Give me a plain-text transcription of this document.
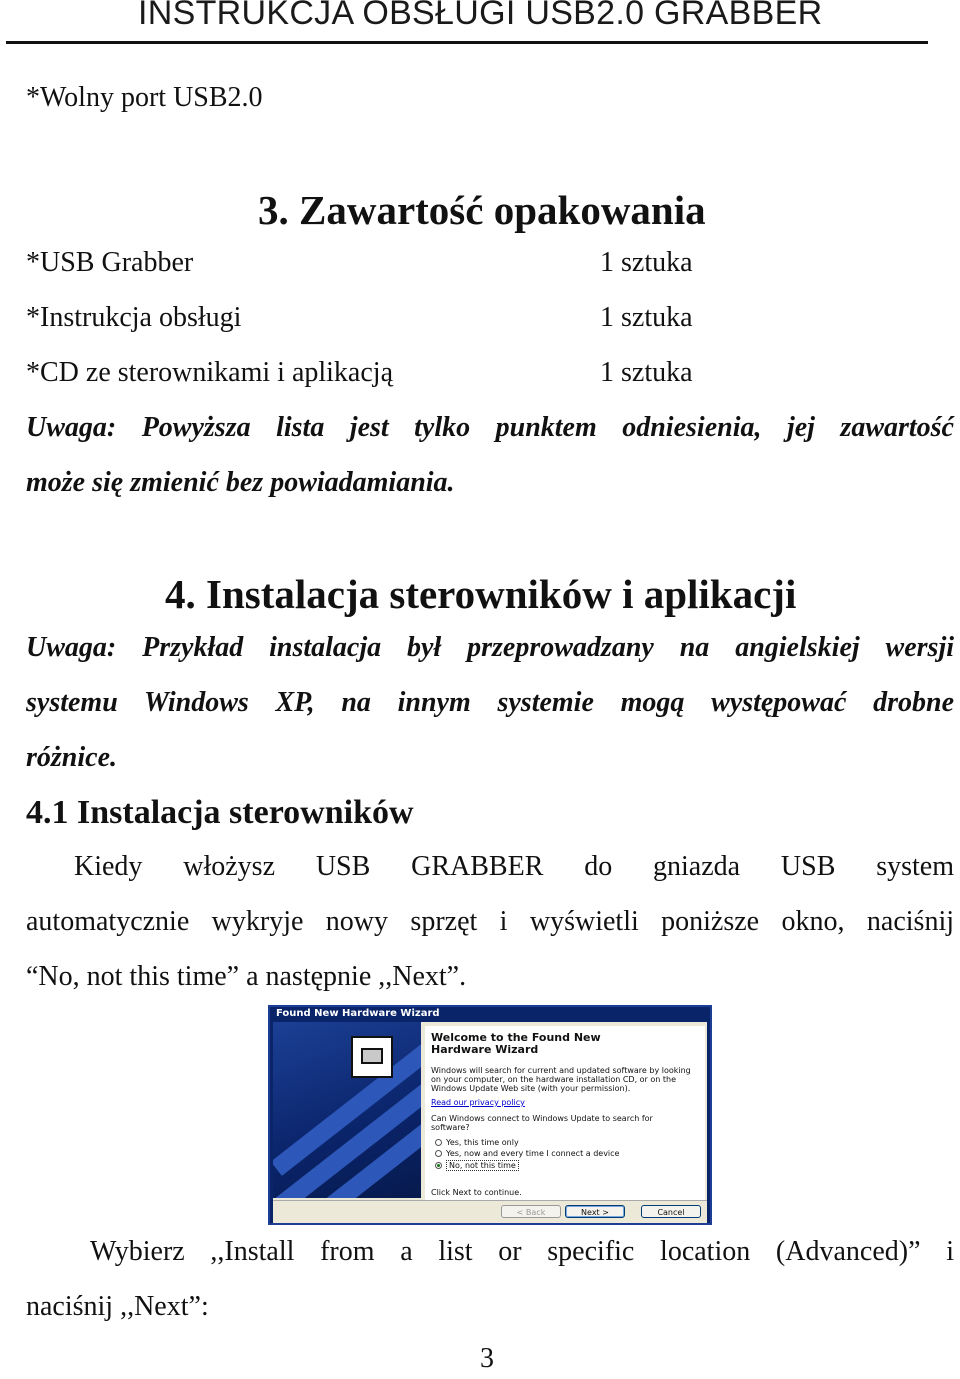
INSTRUKCJA OBSŁUGI USB2.0 GRABBER
*Wolny port USB2.0
3. Zawartość opakowania
*USB Grabber	1 sztuka
*Instrukcja obsługi	1 sztuka
*CD ze sterownikami i aplikacją	1 sztuka
Uwaga: Powyższa lista jest tylko punktem odniesienia, jej zawartość
może się zmienić bez powiadamiania.
4. Instalacja sterowników i aplikacji
Uwaga: Przykład instalacja był przeprowadzany na angielskiej wersji
systemu Windows XP, na innym systemie mogą występować drobne
różnice.
4.1 Instalacja sterowników
Kiedy włożysz USB GRABBER do gniazda USB system
automatycznie wykryje nowy sprzęt i wyświetli poniższe okno, naciśnij
“No, not this time” a następnie ,,Next”.
Found New Hardware Wizard
Welcome to the Found New Hardware Wizard
Windows will search for current and updated software by looking on your computer, on the hardware installation CD, or on the Windows Update Web site (with your permission).
Read our privacy policy
Can Windows connect to Windows Update to search for software?
Yes, this time only
Yes, now and every time I connect a device
No, not this time
Click Next to continue.
< Back	Next >	Cancel
Wybierz ,,Install from a list or specific location (Advanced)” i
naciśnij ,,Next”:
3
